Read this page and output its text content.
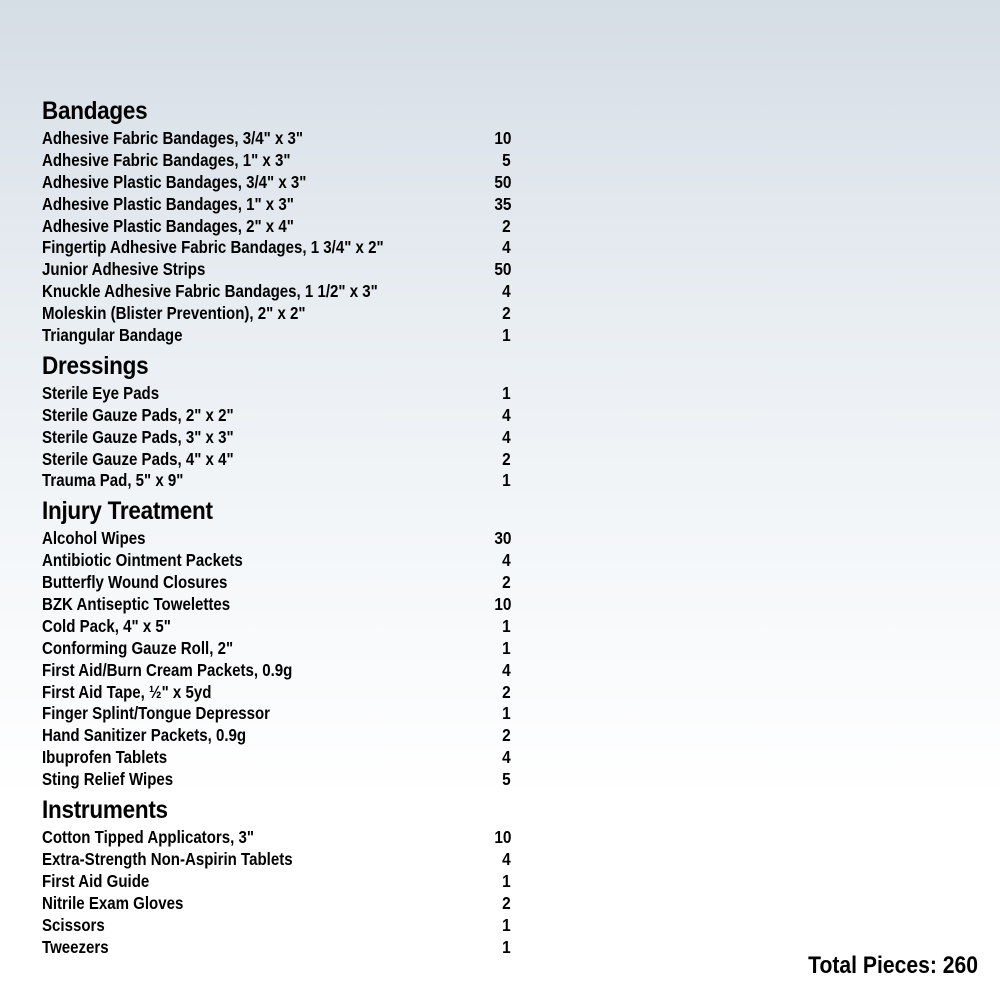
Bandages
Adhesive Fabric Bandages, 3/4" x 3"	10
Adhesive Fabric Bandages, 1" x 3"	5
Adhesive Plastic Bandages, 3/4" x 3"	50
Adhesive Plastic Bandages, 1" x 3"	35
Adhesive Plastic Bandages, 2" x 4"	2
Fingertip Adhesive Fabric Bandages, 1 3/4" x 2"	4
Junior Adhesive Strips	50
Knuckle Adhesive Fabric Bandages, 1 1/2" x 3"	4
Moleskin (Blister Prevention), 2" x 2"	2
Triangular Bandage	1
Dressings
Sterile Eye Pads	1
Sterile Gauze Pads, 2" x 2"	4
Sterile Gauze Pads, 3" x 3"	4
Sterile Gauze Pads, 4" x 4"	2
Trauma Pad, 5" x 9"	1
Injury Treatment
Alcohol Wipes	30
Antibiotic Ointment Packets	4
Butterfly Wound Closures	2
BZK Antiseptic Towelettes	10
Cold Pack, 4" x 5"	1
Conforming Gauze Roll, 2"	1
First Aid/Burn Cream Packets, 0.9g	4
First Aid Tape, ½" x 5yd	2
Finger Splint/Tongue Depressor	1
Hand Sanitizer Packets, 0.9g	2
Ibuprofen Tablets	4
Sting Relief Wipes	5
Instruments
Cotton Tipped Applicators, 3"	10
Extra-Strength Non-Aspirin Tablets	4
First Aid Guide	1
Nitrile Exam Gloves	2
Scissors	1
Tweezers	1
Total Pieces: 260
